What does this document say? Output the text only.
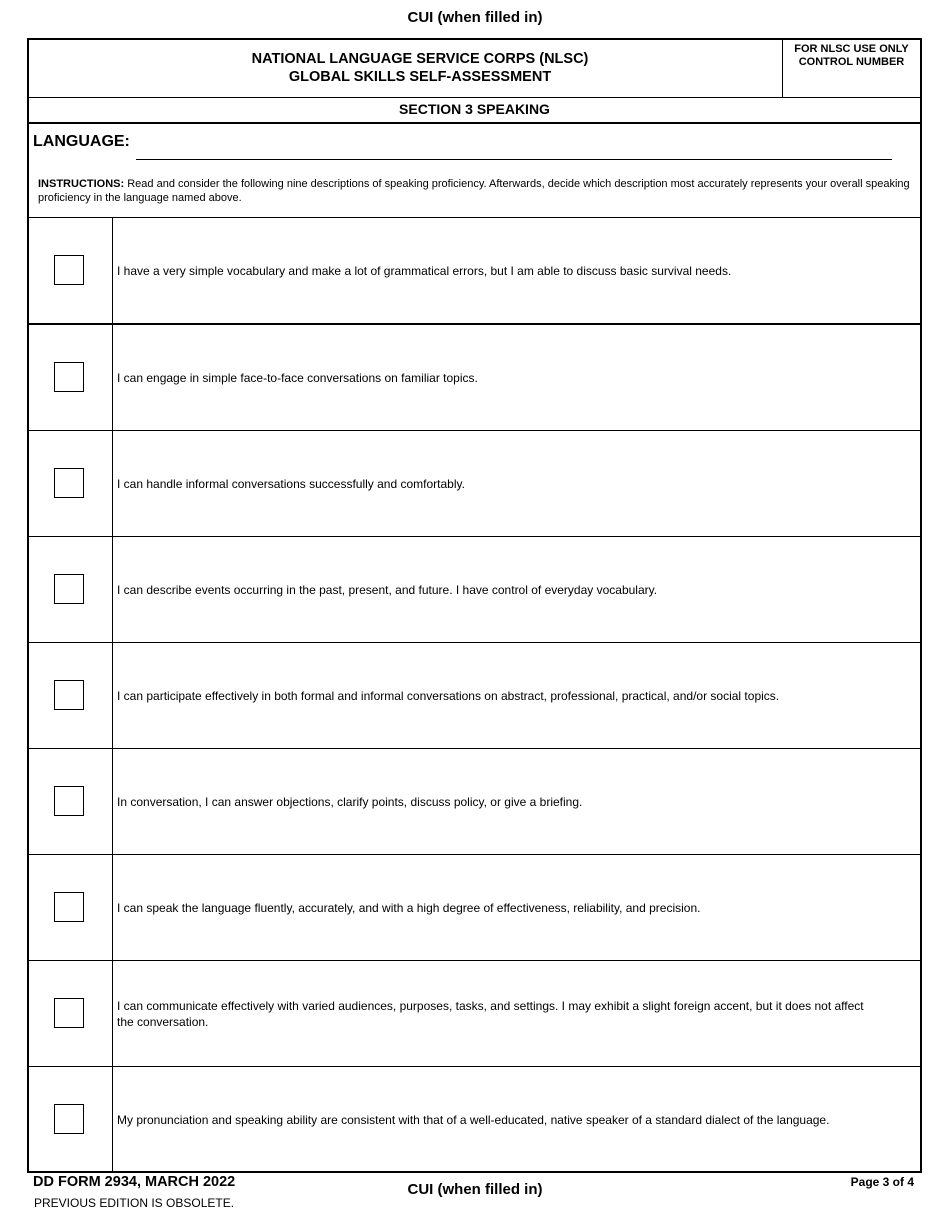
CUI (when filled in)
NATIONAL LANGUAGE SERVICE CORPS (NLSC)
GLOBAL SKILLS SELF-ASSESSMENT
FOR NLSC USE ONLY
CONTROL NUMBER
SECTION 3 SPEAKING
LANGUAGE:
INSTRUCTIONS: Read and consider the following nine descriptions of speaking proficiency. Afterwards, decide which description most accurately represents your overall speaking proficiency in the language named above.
I have a very simple vocabulary and make a lot of grammatical errors, but I am able to discuss basic survival needs.
I can engage in simple face-to-face conversations on familiar topics.
I can handle informal conversations successfully and comfortably.
I can describe events occurring in the past, present, and future. I have control of everyday vocabulary.
I can participate effectively in both formal and informal conversations on abstract, professional, practical, and/or social topics.
In conversation, I can answer objections, clarify points, discuss policy, or give a briefing.
I can speak the language fluently, accurately, and with a high degree of effectiveness, reliability, and precision.
I can communicate effectively with varied audiences, purposes, tasks, and settings. I may exhibit a slight foreign accent, but it does not affect the conversation.
My pronunciation and speaking ability are consistent with that of a well-educated, native speaker of a standard dialect of the language.
DD FORM 2934, MARCH 2022
PREVIOUS EDITION IS OBSOLETE.
CUI (when filled in)	Page 3 of 4
